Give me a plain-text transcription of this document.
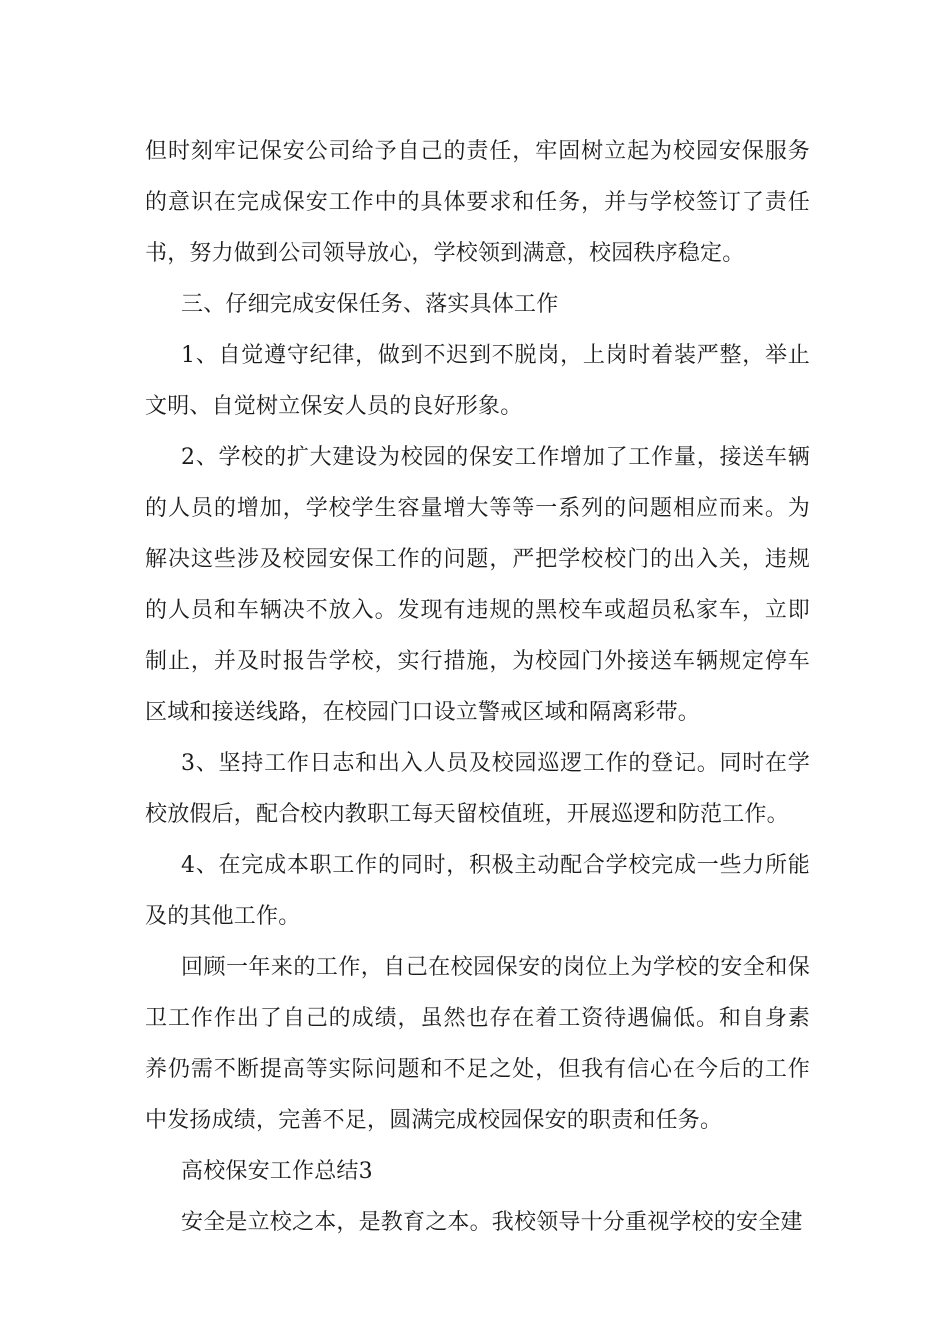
但时刻牢记保安公司给予自己的责任，牢固树立起为校园安保服务的意识在完成保安工作中的具体要求和任务，并与学校签订了责任书，努力做到公司领导放心，学校领到满意，校园秩序稳定。

三、仔细完成安保任务、落实具体工作

1、自觉遵守纪律，做到不迟到不脱岗，上岗时着装严整，举止文明、自觉树立保安人员的良好形象。

2、学校的扩大建设为校园的保安工作增加了工作量，接送车辆的人员的增加，学校学生容量增大等等一系列的问题相应而来。为解决这些涉及校园安保工作的问题，严把学校校门的出入关，违规的人员和车辆决不放入。发现有违规的黑校车或超员私家车，立即制止，并及时报告学校，实行措施，为校园门外接送车辆规定停车区域和接送线路，在校园门口设立警戒区域和隔离彩带。

3、坚持工作日志和出入人员及校园巡逻工作的登记。同时在学校放假后，配合校内教职工每天留校值班，开展巡逻和防范工作。

4、在完成本职工作的同时，积极主动配合学校完成一些力所能及的其他工作。

回顾一年来的工作，自己在校园保安的岗位上为学校的安全和保卫工作作出了自己的成绩，虽然也存在着工资待遇偏低。和自身素养仍需不断提高等实际问题和不足之处，但我有信心在今后的工作中发扬成绩，完善不足，圆满完成校园保安的职责和任务。

高校保安工作总结3

安全是立校之本，是教育之本。我校领导十分重视学校的安全建
